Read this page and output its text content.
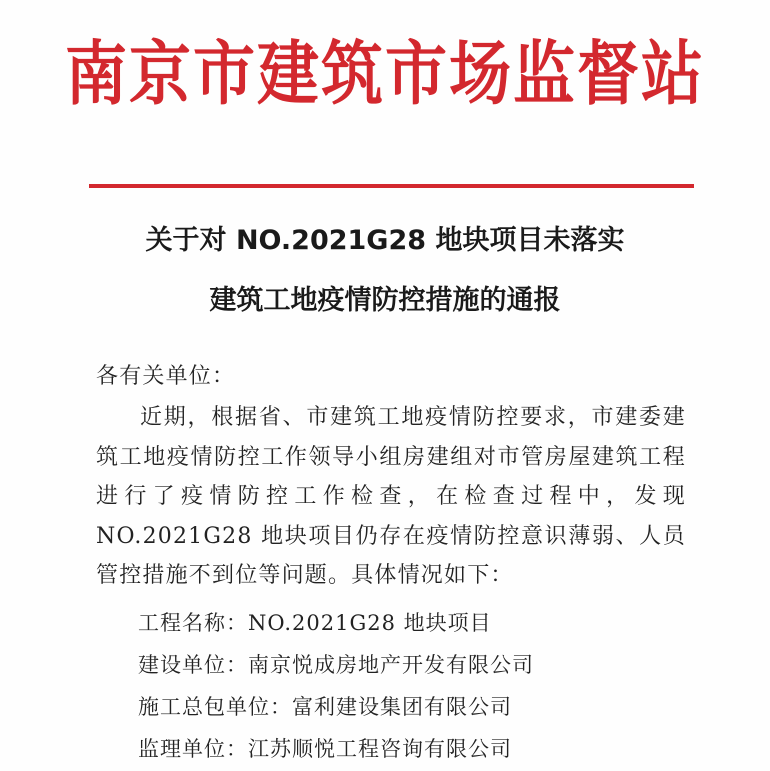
南京市建筑市场监督站
关于对 NO.2021G28 地块项目未落实
建筑工地疫情防控措施的通报
各有关单位：
近期，根据省、市建筑工地疫情防控要求，市建委建筑工地疫情防控工作领导小组房建组对市管房屋建筑工程进行了疫情防控工作检查，在检查过程中，发现 NO.2021G28 地块项目仍存在疫情防控意识薄弱、人员管控措施不到位等问题。具体情况如下：
工程名称：NO.2021G28 地块项目
建设单位：南京悦成房地产开发有限公司
施工总包单位：富利建设集团有限公司
监理单位：江苏顺悦工程咨询有限公司
